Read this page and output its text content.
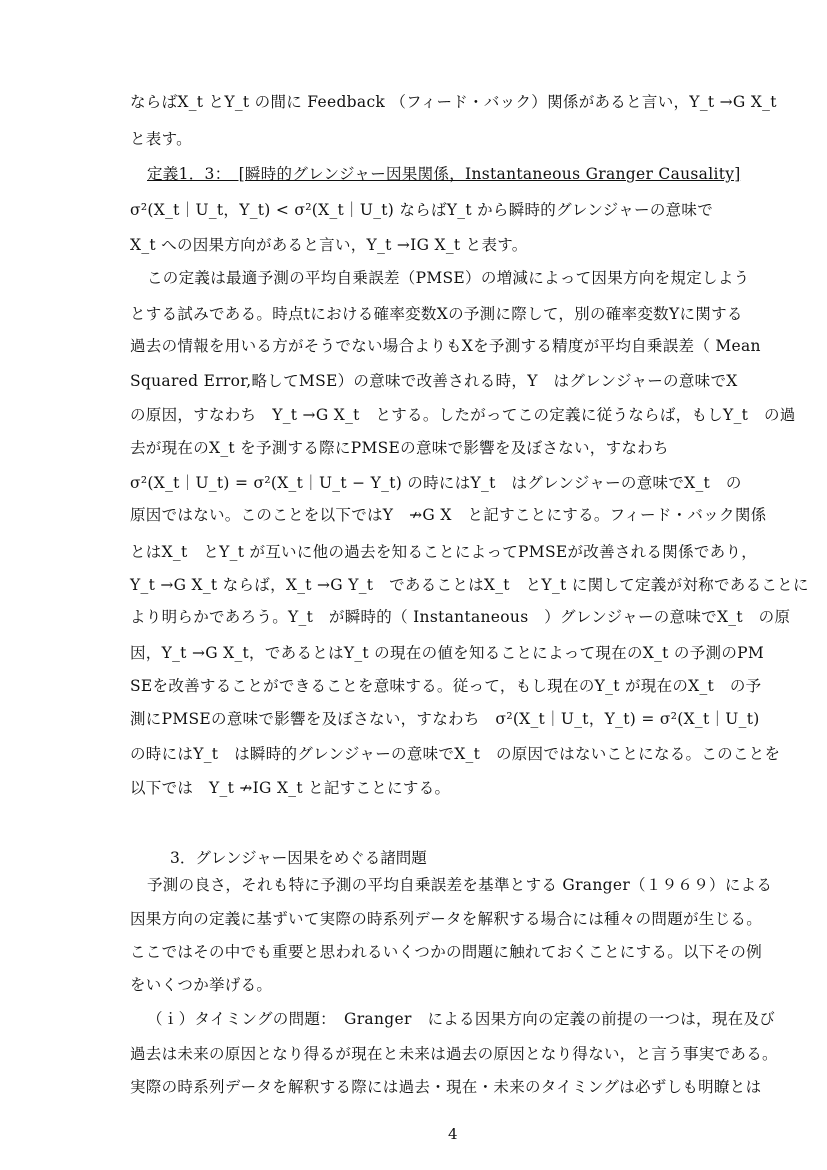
ならばX_t とY_t の間に Feedback （フィード・バック）関係があると言い，Y_t →G X_t
と表す。
定義1．3：　[瞬時的グレンジャー因果関係，Instantaneous Granger Causality]
σ²(X_t｜U_t，Y_t) < σ²(X_t｜U_t) ならばY_t から瞬時的グレンジャーの意味で
X_t への因果方向があると言い，Y_t →IG X_t と表す。
この定義は最適予測の平均自乗誤差（PMSE）の増減によって因果方向を規定しよう
とする試みである。時点tにおける確率変数Xの予測に際して，別の確率変数Yに関する
過去の情報を用いる方がそうでない場合よりもXを予測する精度が平均自乗誤差（ Mean
Squared Error,略してMSE）の意味で改善される時，Y　はグレンジャーの意味でX
の原因，すなわち　Y_t →G X_t　とする。したがってこの定義に従うならば，もしY_t　の過
去が現在のX_t を予測する際にPMSEの意味で影響を及ぼさない，すなわち
σ²(X_t｜U_t) = σ²(X_t｜U_t − Y_t) の時にはY_t　はグレンジャーの意味でX_t　の
原因ではない。このことを以下ではY　↛G X　と記すことにする。フィード・バック関係
とはX_t　とY_t が互いに他の過去を知ることによってPMSEが改善される関係であり，
Y_t →G X_t ならば，X_t →G Y_t　であることはX_t　とY_t に関して定義が対称であることに
より明らかであろう。Y_t　が瞬時的（ Instantaneous　）グレンジャーの意味でX_t　の原
因，Y_t →G X_t，であるとはY_t の現在の値を知ることによって現在のX_t の予測のPM
SEを改善することができることを意味する。従って，もし現在のY_t が現在のX_t　の予
測にPMSEの意味で影響を及ぼさない，すなわち　σ²(X_t｜U_t，Y_t) = σ²(X_t｜U_t)
の時にはY_t　は瞬時的グレンジャーの意味でX_t　の原因ではないことになる。このことを
以下では　Y_t ↛IG X_t と記すことにする。
3．グレンジャー因果をめぐる諸問題
予測の良さ，それも特に予測の平均自乗誤差を基準とする Granger（１９６９）による
因果方向の定義に基ずいて実際の時系列データを解釈する場合には種々の問題が生じる。
ここではその中でも重要と思われるいくつかの問題に触れておくことにする。以下その例
をいくつか挙げる。
（ｉ）タイミングの問題：　Granger　による因果方向の定義の前提の一つは，現在及び
過去は未来の原因となり得るが現在と未来は過去の原因となり得ない，と言う事実である。
実際の時系列データを解釈する際には過去・現在・未来のタイミングは必ずしも明瞭とは
4
